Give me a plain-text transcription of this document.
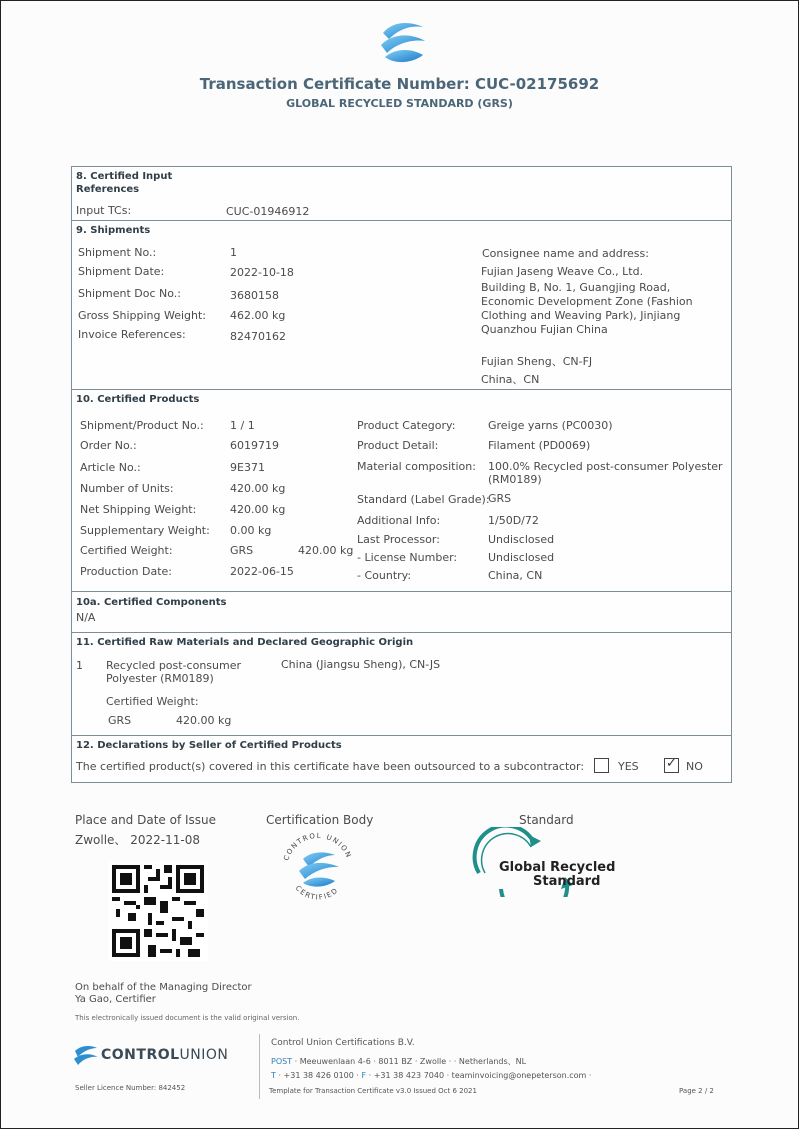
Transaction Certificate Number: CUC-02175692
GLOBAL RECYCLED STANDARD (GRS)
8. Certified Input
References
Input TCs:	CUC-01946912
9. Shipments
Shipment No.:	1
Shipment Date:	2022-10-18
Shipment Doc No.:	3680158
Gross Shipping Weight: 462.00 kg
Invoice References:	82470162
Consignee name and address:
Fujian Jaseng Weave Co., Ltd.
Building B, No. 1, Guangjing Road, Economic Development Zone (Fashion Clothing and Weaving Park), Jinjiang Quanzhou Fujian China
Fujian Sheng、CN-FJ
China、CN
10. Certified Products
Shipment/Product No.: 1 / 1
Order No.:	6019719
Article No.:	9E371
Number of Units:	420.00 kg
Net Shipping Weight:	420.00 kg
Supplementary Weight: 0.00 kg
Certified Weight:	GRS	420.00 kg
Production Date:	2022-06-15
Product Category:	Greige yarns (PC0030)
Product Detail:	Filament (PD0069)
Material composition: 100.0% Recycled post-consumer Polyester (RM0189)
Standard (Label Grade):
GRS
Additional Info:	1/50D/72
Last Processor:	Undisclosed
- License Number:	Undisclosed
- Country:	China, CN
10a. Certified Components
N/A
11. Certified Raw Materials and Declared Geographic Origin
1 Recycled post-consumer Polyester (RM0189)
China (Jiangsu Sheng), CN-JS
Certified Weight:
GRS	420.00 kg
12. Declarations by Seller of Certified Products
The certified product(s) covered in this certificate have been outsourced to a subcontractor:	YES ✓ NO
Place and Date of Issue
Zwolle、 2022-11-08
Certification Body	Standard
CONTROL UNION
CERTIFIED
Global Recycled
Standard
On behalf of the Managing Director
Ya Gao, Certifier
This electronically issued document is the valid original version.
CONTROLUNION
Seller Licence Number: 842452
Control Union Certifications B.V.
POST · Meeuwenlaan 4-6 · 8011 BZ · Zwolle · · Netherlands、NL
T · +31 38 426 0100 · F · +31 38 423 7040 · teaminvoicing@onepeterson.com ·
Template for Transaction Certificate v3.0 Issued Oct 6 2021	Page 2 / 2
